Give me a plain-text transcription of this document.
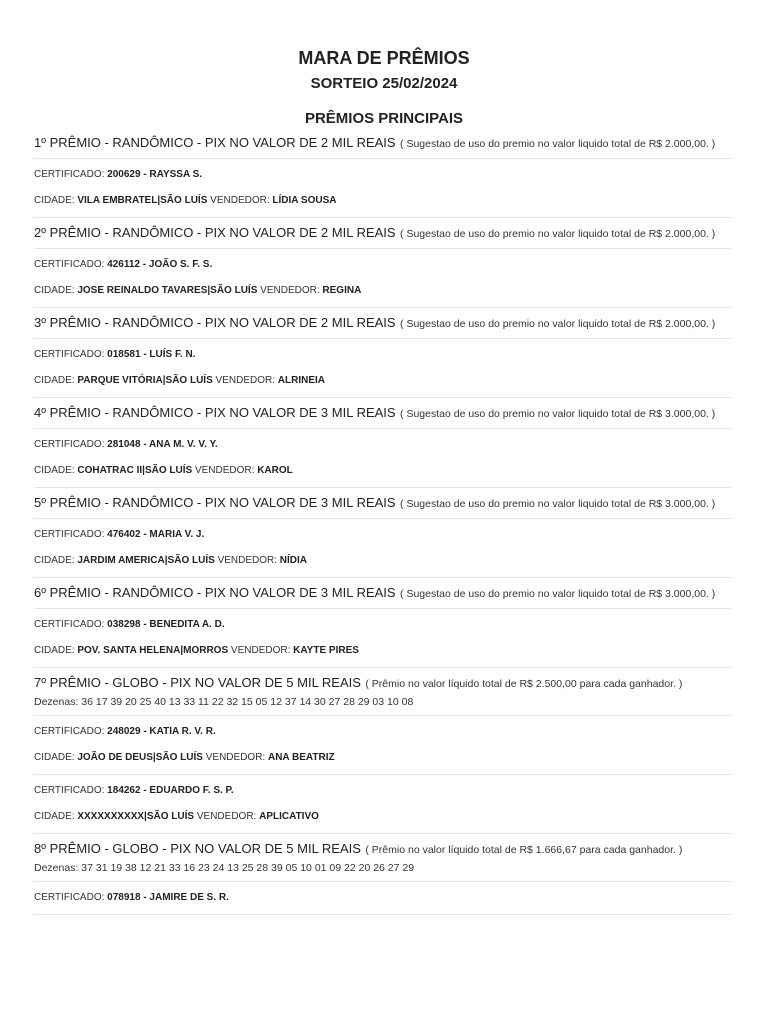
MARA DE PRÊMIOS
SORTEIO 25/02/2024
PRÊMIOS PRINCIPAIS
1º PRÊMIO - RANDÔMICO - PIX NO VALOR DE 2 MIL REAIS ( Sugestao de uso do premio no valor liquido total de R$ 2.000,00. )
CERTIFICADO: 200629 - RAYSSA S.
CIDADE: VILA EMBRATEL|SÃO LUÍS VENDEDOR: LÍDIA SOUSA
2º PRÊMIO - RANDÔMICO - PIX NO VALOR DE 2 MIL REAIS ( Sugestao de uso do premio no valor liquido total de R$ 2.000,00. )
CERTIFICADO: 426112 - JOÃO S. F. S.
CIDADE: JOSE REINALDO TAVARES|SÃO LUÍS VENDEDOR: REGINA
3º PRÊMIO - RANDÔMICO - PIX NO VALOR DE 2 MIL REAIS ( Sugestao de uso do premio no valor liquido total de R$ 2.000,00. )
CERTIFICADO: 018581 - LUÍS F. N.
CIDADE: PARQUE VITÓRIA|SÃO LUÍS VENDEDOR: ALRINEIA
4º PRÊMIO - RANDÔMICO - PIX NO VALOR DE 3 MIL REAIS ( Sugestao de uso do premio no valor liquido total de R$ 3.000,00. )
CERTIFICADO: 281048 - ANA M. V. V. Y.
CIDADE: COHATRAC II|SÃO LUÍS VENDEDOR: KAROL
5º PRÊMIO - RANDÔMICO - PIX NO VALOR DE 3 MIL REAIS ( Sugestao de uso do premio no valor liquido total de R$ 3.000,00. )
CERTIFICADO: 476402 - MARIA V. J.
CIDADE: JARDIM AMERICA|SÃO LUÍS VENDEDOR: NÍDIA
6º PRÊMIO - RANDÔMICO - PIX NO VALOR DE 3 MIL REAIS ( Sugestao de uso do premio no valor liquido total de R$ 3.000,00. )
CERTIFICADO: 038298 - BENEDITA A. D.
CIDADE: POV. SANTA HELENA|MORROS VENDEDOR: KAYTE PIRES
7º PRÊMIO - GLOBO - PIX NO VALOR DE 5 MIL REAIS ( Prêmio no valor líquido total de R$ 2.500,00 para cada ganhador. )
Dezenas: 36 17 39 20 25 40 13 33 11 22 32 15 05 12 37 14 30 27 28 29 03 10 08
CERTIFICADO: 248029 - KATIA R. V. R.
CIDADE: JOÃO DE DEUS|SÃO LUÍS VENDEDOR: ANA BEATRIZ
CERTIFICADO: 184262 - EDUARDO F. S. P.
CIDADE: XXXXXXXXXX|SÃO LUÍS VENDEDOR: APLICATIVO
8º PRÊMIO - GLOBO - PIX NO VALOR DE 5 MIL REAIS ( Prêmio no valor líquido total de R$ 1.666,67 para cada ganhador. )
Dezenas: 37 31 19 38 12 21 33 16 23 24 13 25 28 39 05 10 01 09 22 20 26 27 29
CERTIFICADO: 078918 - JAMIRE DE S. R.
